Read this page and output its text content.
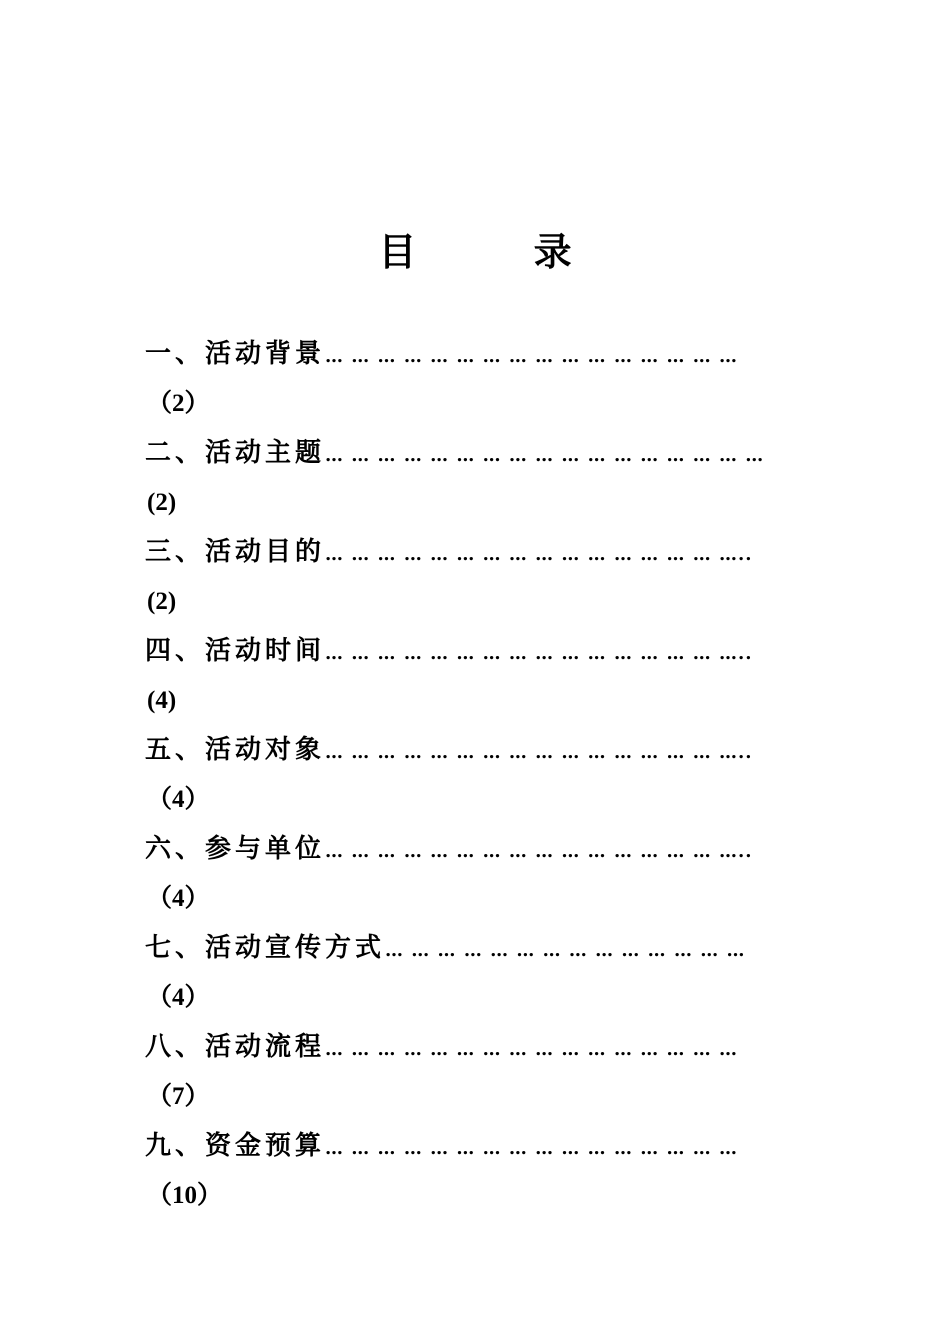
目 录
一、活动背景… … … … … … … … … … … … … … … …
（2）
二、活动主题… … … … … … … … … … … … … … … … …
(2)
三、活动目的… … … … … … … … … … … … … … … …..
(2)
四、活动时间… … … … … … … … … … … … … … … …..
(4)
五、活动对象… … … … … … … … … … … … … … … …..
（4）
六、参与单位… … … … … … … … … … … … … … … …..
（4）
七、活动宣传方式… … … … … … … … … … … … … …
（4）
八、活动流程… … … … … … … … … … … … … … … …
（7）
九、资金预算… … … … … … … … … … … … … … … …
（10）
